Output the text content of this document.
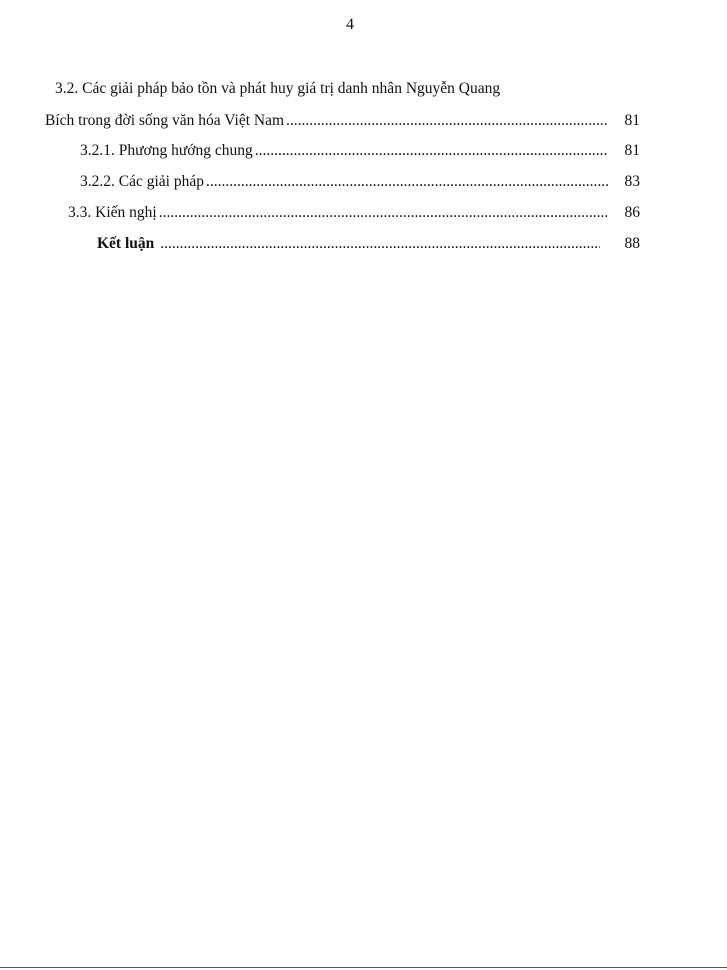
4
3.2. Các giải pháp bảo tồn và phát huy giá trị danh nhân Nguyễn Quang
Bích trong đời sống văn hóa Việt Nam .....	81
3.2.1. Phương hướng chung .....	81
3.2.2. Các giải pháp .....	83
3.3. Kiến nghị .....	86
Kết luận .....	88
